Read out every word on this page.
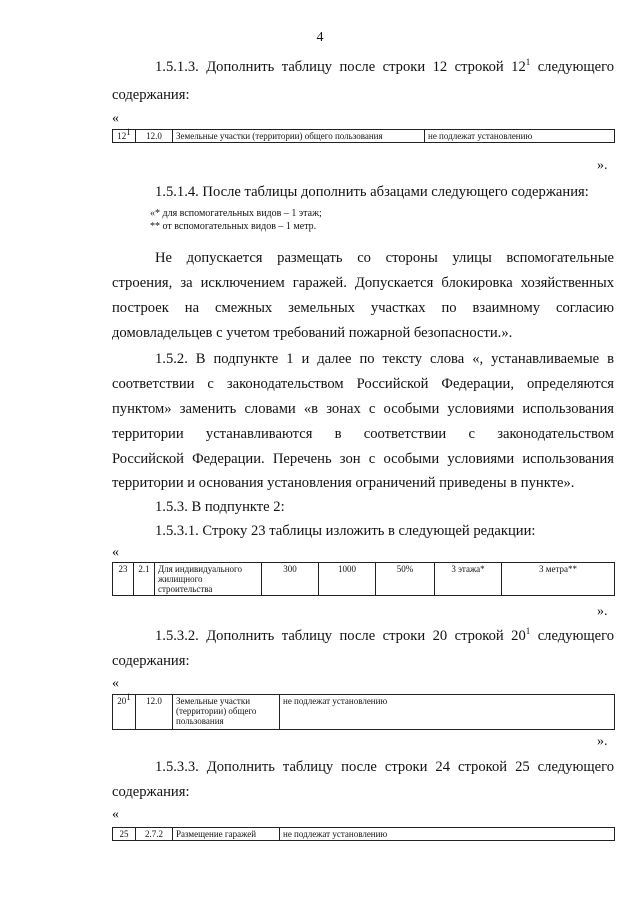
4
1.5.1.3. Дополнить таблицу после строки 12 строкой $12^1$ следующего
содержания:
«
$12^1$	12.0	Земельные участки (территории) общего пользования	не подлежат установлению
».
1.5.1.4. После таблицы дополнить абзацами следующего содержания:
«* для вспомогательных видов – 1 этаж;
** от вспомогательных видов – 1 метр.
Не допускается размещать со стороны улицы вспомогательные
строения, за исключением гаражей. Допускается блокировка хозяйственных
построек на смежных земельных участках по взаимному согласию
домовладельцев с учетом требований пожарной безопасности.».
1.5.2. В подпункте 1 и далее по тексту слова «, устанавливаемые в
соответствии с законодательством Российской Федерации, определяются
пунктом» заменить словами «в зонах с особыми условиями использования
территории устанавливаются в соответствии с законодательством
Российской Федерации. Перечень зон с особыми условиями использования
территории и основания установления ограничений приведены в пункте».
1.5.3. В подпункте 2:
1.5.3.1. Строку 23 таблицы изложить в следующей редакции:
«
23	2.1	Для индивидуального жилищного строительства	300	1000	50%	3 этажа*	3 метра**
».
1.5.3.2. Дополнить таблицу после строки 20 строкой $20^1$ следующего
содержания:
«
$20^1$	12.0	Земельные участки (территории) общего пользования	не подлежат установлению
».
1.5.3.3. Дополнить таблицу после строки 24 строкой 25 следующего
содержания:
«
25	2.7.2	Размещение гаражей	не подлежат установлению
